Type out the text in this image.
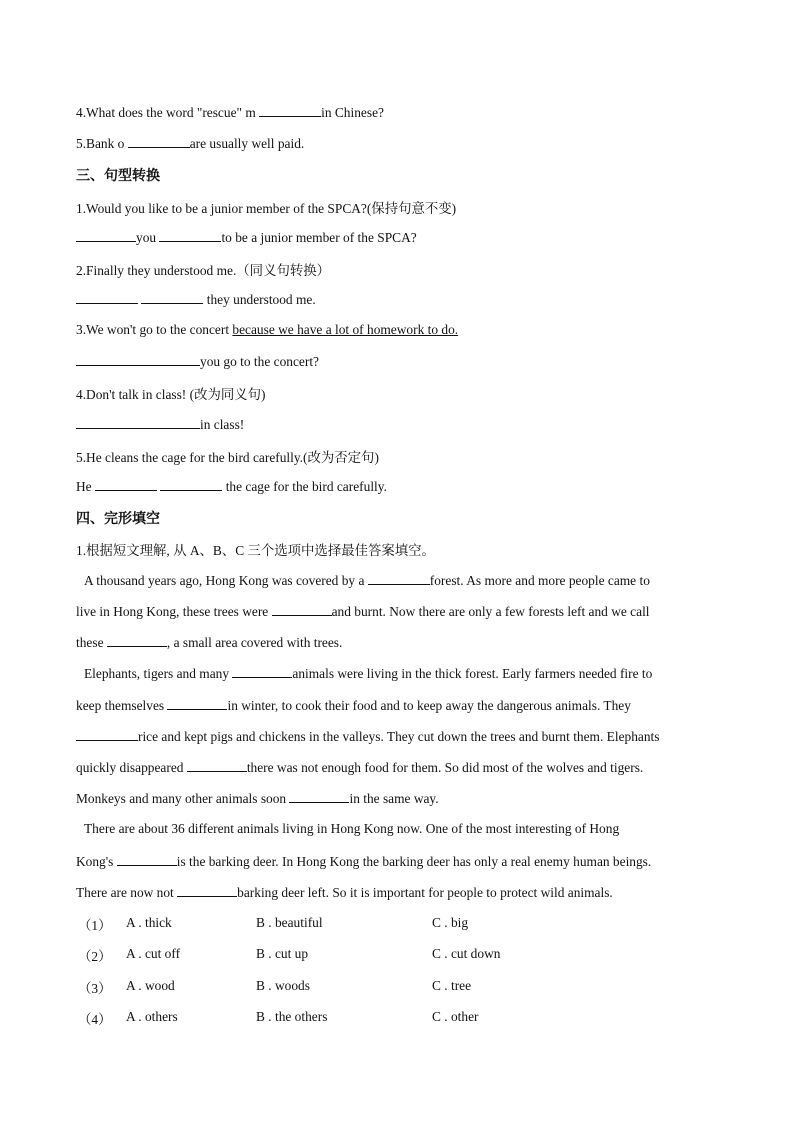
4.What does the word "rescue" m	in Chinese?
5.Bank o	are usually well paid.
三、句型转换
1.Would you like to be a junior member of the SPCA?(保持句意不变)
you	to be a junior member of the SPCA?
2.Finally they understood me.（同义句转换）
they understood me.
3.We won't go to the concert because we have a lot of homework to do.
you go to the concert?
4.Don't talk in class! (改为同义句)
in class!
5.He cleans the cage for the bird carefully.(改为否定句)
He	the cage for the bird carefully.
四、完形填空
1.根据短文理解, 从 A、B、C 三个选项中选择最佳答案填空。
A thousand years ago, Hong Kong was covered by a	forest. As more and more people came to
live in Hong Kong, these trees were	and burnt. Now there are only a few forests left and we call
these	, a small area covered with trees.
Elephants, tigers and many	animals were living in the thick forest. Early farmers needed fire to
keep themselves	in winter, to cook their food and to keep away the dangerous animals. They
rice and kept pigs and chickens in the valleys. They cut down the trees and burnt them. Elephants
quickly disappeared	there was not enough food for them. So did most of the wolves and tigers.
Monkeys and many other animals soon	in the same way.
There are about 36 different animals living in Hong Kong now. One of the most interesting of Hong
Kong's	is the barking deer. In Hong Kong the barking deer has only a real enemy human beings.
There are now not	barking deer left. So it is important for people to protect wild animals.
（1） A . thick	B . beautiful	C . big
（2） A . cut off	B . cut up	C . cut down
（3） A . wood	B . woods	C . tree
（4） A . others	B . the others	C . other
